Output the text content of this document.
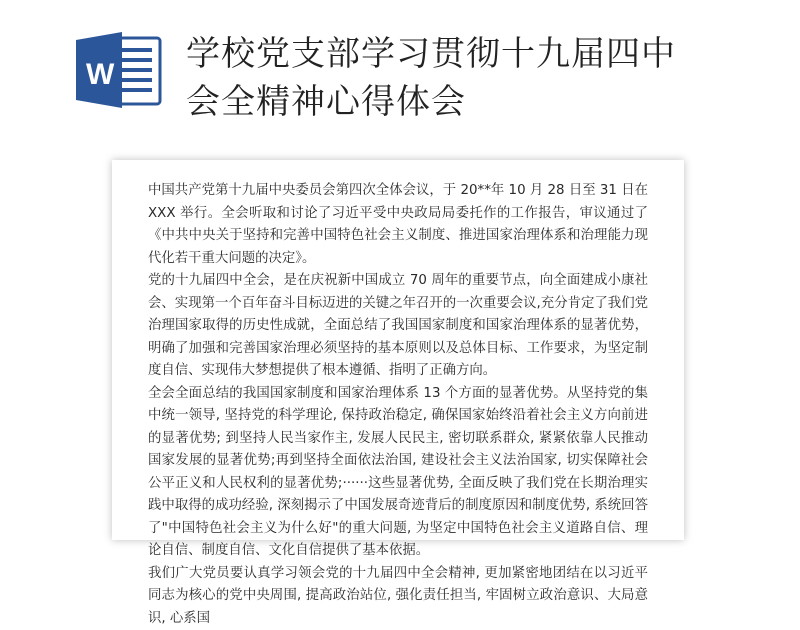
W
学校党支部学习贯彻十九届四中
会全精神心得体会

中国共产党第十九届中央委员会第四次全体会议，于 20**年 10 月 28 日至 31 日在 XXX 举行。全会听取和讨论了习近平受中央政局局委托作的工作报告，审议通过了《中共中央关于坚持和完善中国特色社会主义制度、推进国家治理体系和治理能力现代化若干重大问题的决定》。

党的十九届四中全会，是在庆祝新中国成立 70 周年的重要节点，向全面建成小康社会、实现第一个百年奋斗目标迈进的关键之年召开的一次重要会议,充分肯定了我们党治理国家取得的历史性成就，全面总结了我国国家制度和国家治理体系的显著优势，明确了加强和完善国家治理必须坚持的基本原则以及总体目标、工作要求，为坚定制度自信、实现伟大梦想提供了根本遵循、指明了正确方向。

全会全面总结的我国国家制度和国家治理体系 13 个方面的显著优势。从坚持党的集中统一领导, 坚持党的科学理论, 保持政治稳定, 确保国家始终沿着社会主义方向前进的显著优势; 到坚持人民当家作主, 发展人民民主, 密切联系群众, 紧紧依靠人民推动国家发展的显著优势;再到坚持全面依法治国, 建设社会主义法治国家, 切实保障社会公平正义和人民权利的显著优势;······这些显著优势, 全面反映了我们党在长期治理实践中取得的成功经验, 深刻揭示了中国发展奇迹背后的制度原因和制度优势, 系统回答了"中国特色社会主义为什么好"的重大问题, 为坚定中国特色社会主义道路自信、理论自信、制度自信、文化自信提供了基本依据。

我们广大党员要认真学习领会党的十九届四中全会精神, 更加紧密地团结在以习近平同志为核心的党中央周围, 提高政治站位, 强化责任担当, 牢固树立政治意识、大局意识, 心系国
